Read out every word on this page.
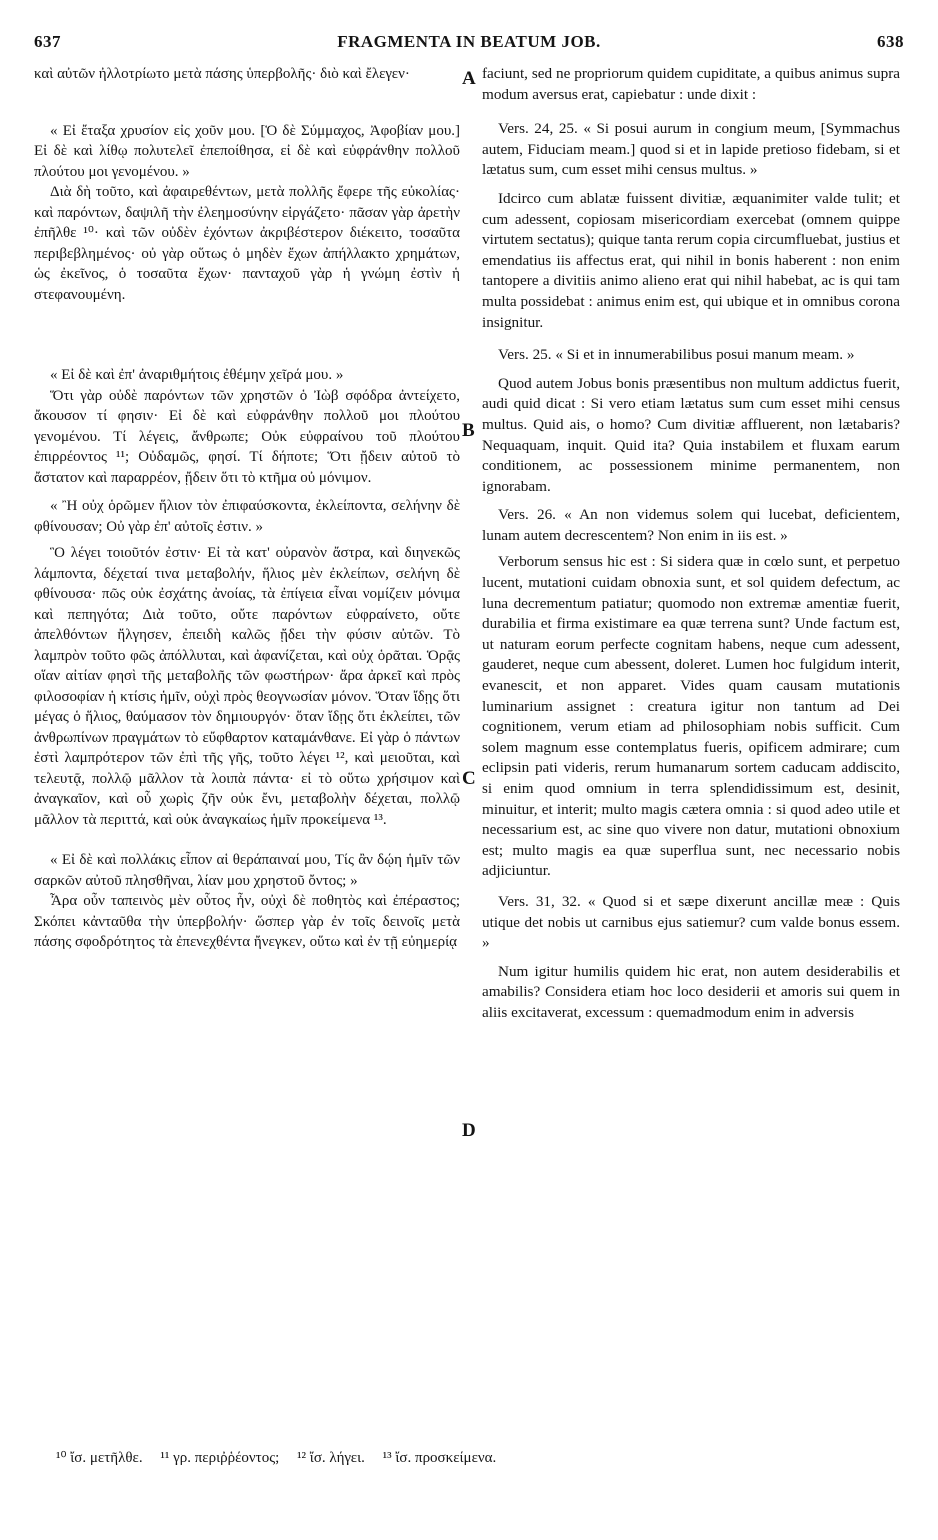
637	FRAGMENTA IN BEATUM JOB.	638

καὶ αὐτῶν ἠλλοτρίωτο μετὰ πάσης ὑπερβολῆς· διὸ καὶ ἔλεγεν·

« Εἰ ἔταξα χρυσίον εἰς χοῦν μου. [Ὁ δὲ Σύμμαχος, Ἀφοβίαν μου.] Εἰ δὲ καὶ λίθῳ πολυτελεῖ ἐπεποίθησα, εἰ δὲ καὶ εὐφράνθην πολλοῦ πλούτου μοι γενομένου. »

Διὰ δὴ τοῦτο, καὶ ἀφαιρεθέντων, μετὰ πολλῆς ἔφερε τῆς εὐκολίας· καὶ παρόντων, δαψιλῆ τὴν ἐλεημοσύνην εἰργάζετο· πᾶσαν γὰρ ἀρετὴν ἐπῆλθε ¹⁰· καὶ τῶν οὐδὲν ἐχόντων ἀκριβέστερον διέκειτο, τοσαῦτα περιβεβλημένος· οὐ γὰρ οὕτως ὁ μηδὲν ἔχων ἀπήλλακτο χρημάτων, ὡς ἐκεῖνος, ὁ τοσαῦτα ἔχων· πανταχοῦ γὰρ ἡ γνώμη ἐστὶν ἡ στεφανουμένη.

« Εἰ δὲ καὶ ἐπ' ἀναριθμήτοις ἐθέμην χεῖρά μου. »

Ὅτι γὰρ οὐδὲ παρόντων τῶν χρηστῶν ὁ Ἰὼβ σφόδρα ἀντείχετο, ἄκουσον τί φησιν· Εἰ δὲ καὶ εὐφράνθην πολλοῦ μοι πλούτου γενομένου. Τί λέγεις, ἄνθρωπε; Οὐκ εὐφραίνου τοῦ πλούτου ἐπιρρέοντος ¹¹; Οὐδαμῶς, φησί. Τί δήποτε; Ὅτι ᾔδειν αὐτοῦ τὸ ἄστατον καὶ παραρρέον, ᾔδειν ὅτι τὸ κτῆμα οὐ μόνιμον.

« Ἢ οὐχ ὁρῶμεν ἥλιον τὸν ἐπιφαύσκοντα, ἐκλείποντα, σελήνην δὲ φθίνουσαν; Οὐ γὰρ ἐπ' αὐτοῖς ἐστιν. »

Ὃ λέγει τοιοῦτόν ἐστιν· Εἰ τὰ κατ' οὐρανὸν ἄστρα, καὶ διηνεκῶς λάμποντα, δέχεταί τινα μεταβολήν, ἥλιος μὲν ἐκλείπων, σελήνη δὲ φθίνουσα· πῶς οὐκ ἐσχάτης ἀνοίας, τὰ ἐπίγεια εἶναι νομίζειν μόνιμα καὶ πεπηγότα; Διὰ τοῦτο, οὔτε παρόντων εὐφραίνετο, οὔτε ἀπελθόντων ἤλγησεν, ἐπειδὴ καλῶς ᾔδει τὴν φύσιν αὐτῶν. Τὸ λαμπρὸν τοῦτο φῶς ἀπόλλυται, καὶ ἀφανίζεται, καὶ οὐχ ὁρᾶται. Ὁρᾷς οἵαν αἰτίαν φησὶ τῆς μεταβολῆς τῶν φωστήρων· ἄρα ἀρκεῖ καὶ πρὸς φιλοσοφίαν ἡ κτίσις ἡμῖν, οὐχὶ πρὸς θεογνωσίαν μόνον. Ὅταν ἴδῃς ὅτι μέγας ὁ ἥλιος, θαύμασον τὸν δημιουργόν· ὅταν ἴδῃς ὅτι ἐκλείπει, τῶν ἀνθρωπίνων πραγμάτων τὸ εὔφθαρτον καταμάνθανε. Εἰ γὰρ ὁ πάντων ἐστὶ λαμπρότερον τῶν ἐπὶ τῆς γῆς, τοῦτο λέγει ¹², καὶ μειοῦται, καὶ τελευτᾷ, πολλῷ μᾶλλον τὰ λοιπὰ πάντα· εἰ τὸ οὕτω χρήσιμον καὶ ἀναγκαῖον, καὶ οὗ χωρὶς ζῆν οὐκ ἔνι, μεταβολὴν δέχεται, πολλῷ μᾶλλον τὰ περιττά, καὶ οὐκ ἀναγκαίως ἡμῖν προκείμενα ¹³.

« Εἰ δὲ καὶ πολλάκις εἶπον αἱ θεράπαιναί μου, Τίς ἂν δῴη ἡμῖν τῶν σαρκῶν αὐτοῦ πλησθῆναι, λίαν μου χρηστοῦ ὄντος; »

Ἆρα οὖν ταπεινὸς μὲν οὗτος ἦν, οὐχὶ δὲ ποθητὸς καὶ ἐπέραστος; Σκόπει κἀνταῦθα τὴν ὑπερβολήν· ὥσπερ γὰρ ἐν τοῖς δεινοῖς μετὰ πάσης σφοδρότητος τὰ ἐπενεχθέντα ἤνεγκεν, οὕτω καὶ ἐν τῇ εὐημερίᾳ

A
B
C
D

faciunt, sed ne propriorum quidem cupiditate, a quibus animus supra modum aversus erat, capiebatur : unde dixit :

Vers. 24, 25. « Si posui aurum in congium meum, [Symmachus autem, Fiduciam meam.] quod si et in lapide pretioso fidebam, si et lætatus sum, cum esset mihi census multus. »

Idcirco cum ablatæ fuissent divitiæ, æquanimiter valde tulit; et cum adessent, copiosam misericordiam exercebat (omnem quippe virtutem sectatus); quique tanta rerum copia circumfluebat, justius et emendatius iis affectus erat, qui nihil in bonis haberent : non enim tantopere a divitiis animo alieno erat qui nihil habebat, ac is qui tam multa possidebat : animus enim est, qui ubique et in omnibus corona insignitur.

Vers. 25. « Si et in innumerabilibus posui manum meam. »

Quod autem Jobus bonis præsentibus non multum addictus fuerit, audi quid dicat : Si vero etiam lætatus sum cum esset mihi census multus. Quid ais, o homo? Cum divitiæ affluerent, non lætabaris? Nequaquam, inquit. Quid ita? Quia instabilem et fluxam earum conditionem, ac possessionem minime permanentem, non ignorabam.

Vers. 26. « An non videmus solem qui lucebat, deficientem, lunam autem decrescentem? Non enim in iis est. »

Verborum sensus hic est : Si sidera quæ in cœlo sunt, et perpetuo lucent, mutationi cuidam obnoxia sunt, et sol quidem defectum, ac luna decrementum patiatur; quomodo non extremæ amentiæ fuerit, durabilia et firma existimare ea quæ terrena sunt? Unde factum est, ut naturam eorum perfecte cognitam habens, neque cum adessent, gauderet, neque cum abessent, doleret. Lumen hoc fulgidum interit, evanescit, et non apparet. Vides quam causam mutationis luminarium assignet : creatura igitur non tantum ad Dei cognitionem, verum etiam ad philosophiam nobis sufficit. Cum solem magnum esse contemplatus fueris, opificem admirare; cum eclipsin pati videris, rerum humanarum sortem caducam addiscito, si enim quod omnium in terra splendidissimum est, desinit, minuitur, et interit; multo magis cætera omnia : si quod adeo utile et necessarium est, ac sine quo vivere non datur, mutationi obnoxium est; multo magis ea quæ superflua sunt, nec necessario nobis adjiciuntur.

Vers. 31, 32. « Quod si et sæpe dixerunt ancillæ meæ : Quis utique det nobis ut carnibus ejus satiemur? cum valde bonus essem. »

Num igitur humilis quidem hic erat, non autem desiderabilis et amabilis? Considera etiam hoc loco desiderii et amoris sui quem in aliis excitaverat, excessum : quemadmodum enim in adversis

¹⁰ ἴσ. μετῆλθε. ¹¹ γρ. περιῤῥέοντος; ¹² ἴσ. λήγει. ¹³ ἴσ. προσκείμενα.
